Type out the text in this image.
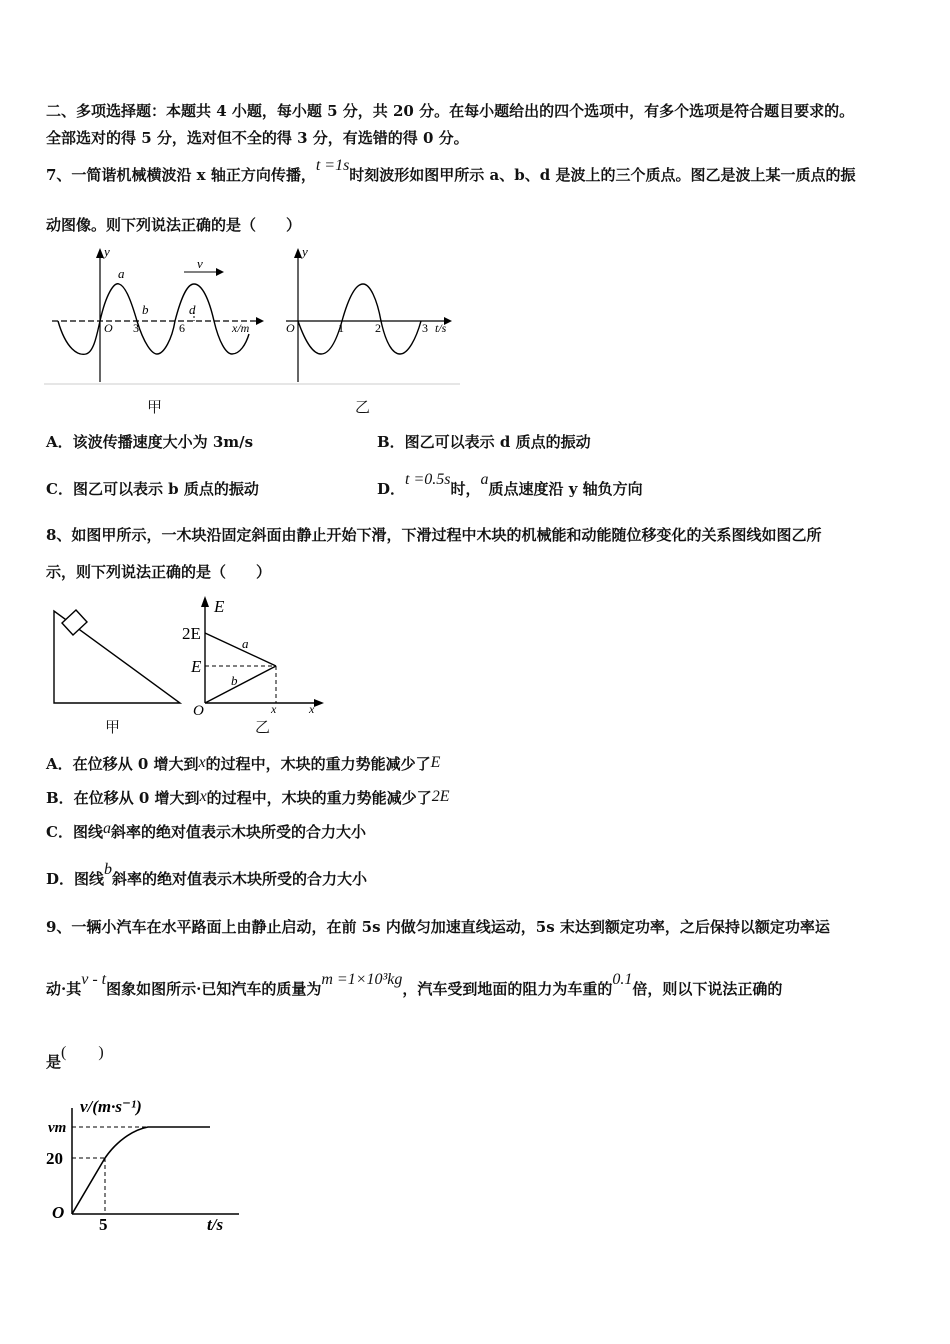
二、多项选择题：本题共 4 小题，每小题 5 分，共 20 分。在每小题给出的四个选项中，有多个选项是符合题目要求的。
全部选对的得 5 分，选对但不全的得 3 分，有选错的得 0 分。
7、一简谐机械横波沿 x 轴正方向传播，t =1s时刻波形如图甲所示 a、b、d 是波上的三个质点。图乙是波上某一质点的振
动图像。则下列说法正确的是（　　）
y
a
v
b	d
O 3	6	x/m
y
O	1	2	3 t/s
甲	乙
A．该波传播速度大小为 3m/s	B．图乙可以表示 d 质点的振动
C．图乙可以表示 b 质点的振动	D．t =0.5s时，a质点速度沿 y 轴负方向
8、如图甲所示，一木块沿固定斜面由静止开始下滑，下滑过程中木块的机械能和动能随位移变化的关系图线如图乙所
示，则下列说法正确的是（　　）
E
2E
E
a
b
O	x	x
甲	乙
A．在位移从 0 增大到x的过程中，木块的重力势能减少了E
B．在位移从 0 增大到x的过程中，木块的重力势能减少了2E
C．图线a斜率的绝对值表示木块所受的合力大小
D．图线b斜率的绝对值表示木块所受的合力大小
9、一辆小汽车在水平路面上由静止启动，在前 5s 内做匀加速直线运动，5s 末达到额定功率，之后保持以额定功率运
动·其v - t图象如图所示·已知汽车的质量为m =1×10³kg，汽车受到地面的阻力为车重的0.1倍，则以下说法正确的
是(　　)
v/(m·s⁻¹)
vm
20
O
5	t/s
